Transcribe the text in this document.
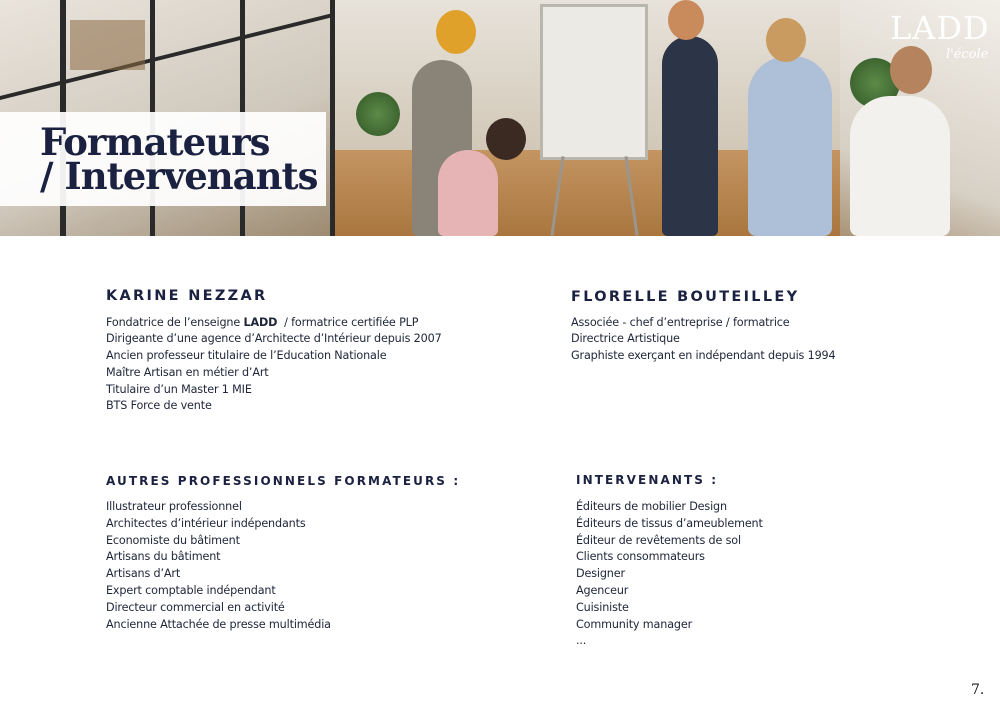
Formateurs
/ Intervenants
LADD
l'école
KARINE NEZZAR
Fondatrice de l’enseigne LADD  / formatrice certifiée PLP
Dirigeante d’une agence d’Architecte d’Intérieur depuis 2007
Ancien professeur titulaire de l’Education Nationale
Maître Artisan en métier d’Art
Titulaire d’un Master 1 MIE
BTS Force de vente
FLORELLE BOUTEILLEY
Associée - chef d’entreprise / formatrice
Directrice Artistique
Graphiste exerçant en indépendant depuis 1994
AUTRES PROFESSIONNELS FORMATEURS :
Illustrateur professionnel
Architectes d’intérieur indépendants
Economiste du bâtiment
Artisans du bâtiment
Artisans d’Art
Expert comptable indépendant
Directeur commercial en activité
Ancienne Attachée de presse multimédia
INTERVENANTS :
Éditeurs de mobilier Design
Éditeurs de tissus d’ameublement
Éditeur de revêtements de sol
Clients consommateurs
Designer
Agenceur
Cuisiniste
Community manager
...
7.
